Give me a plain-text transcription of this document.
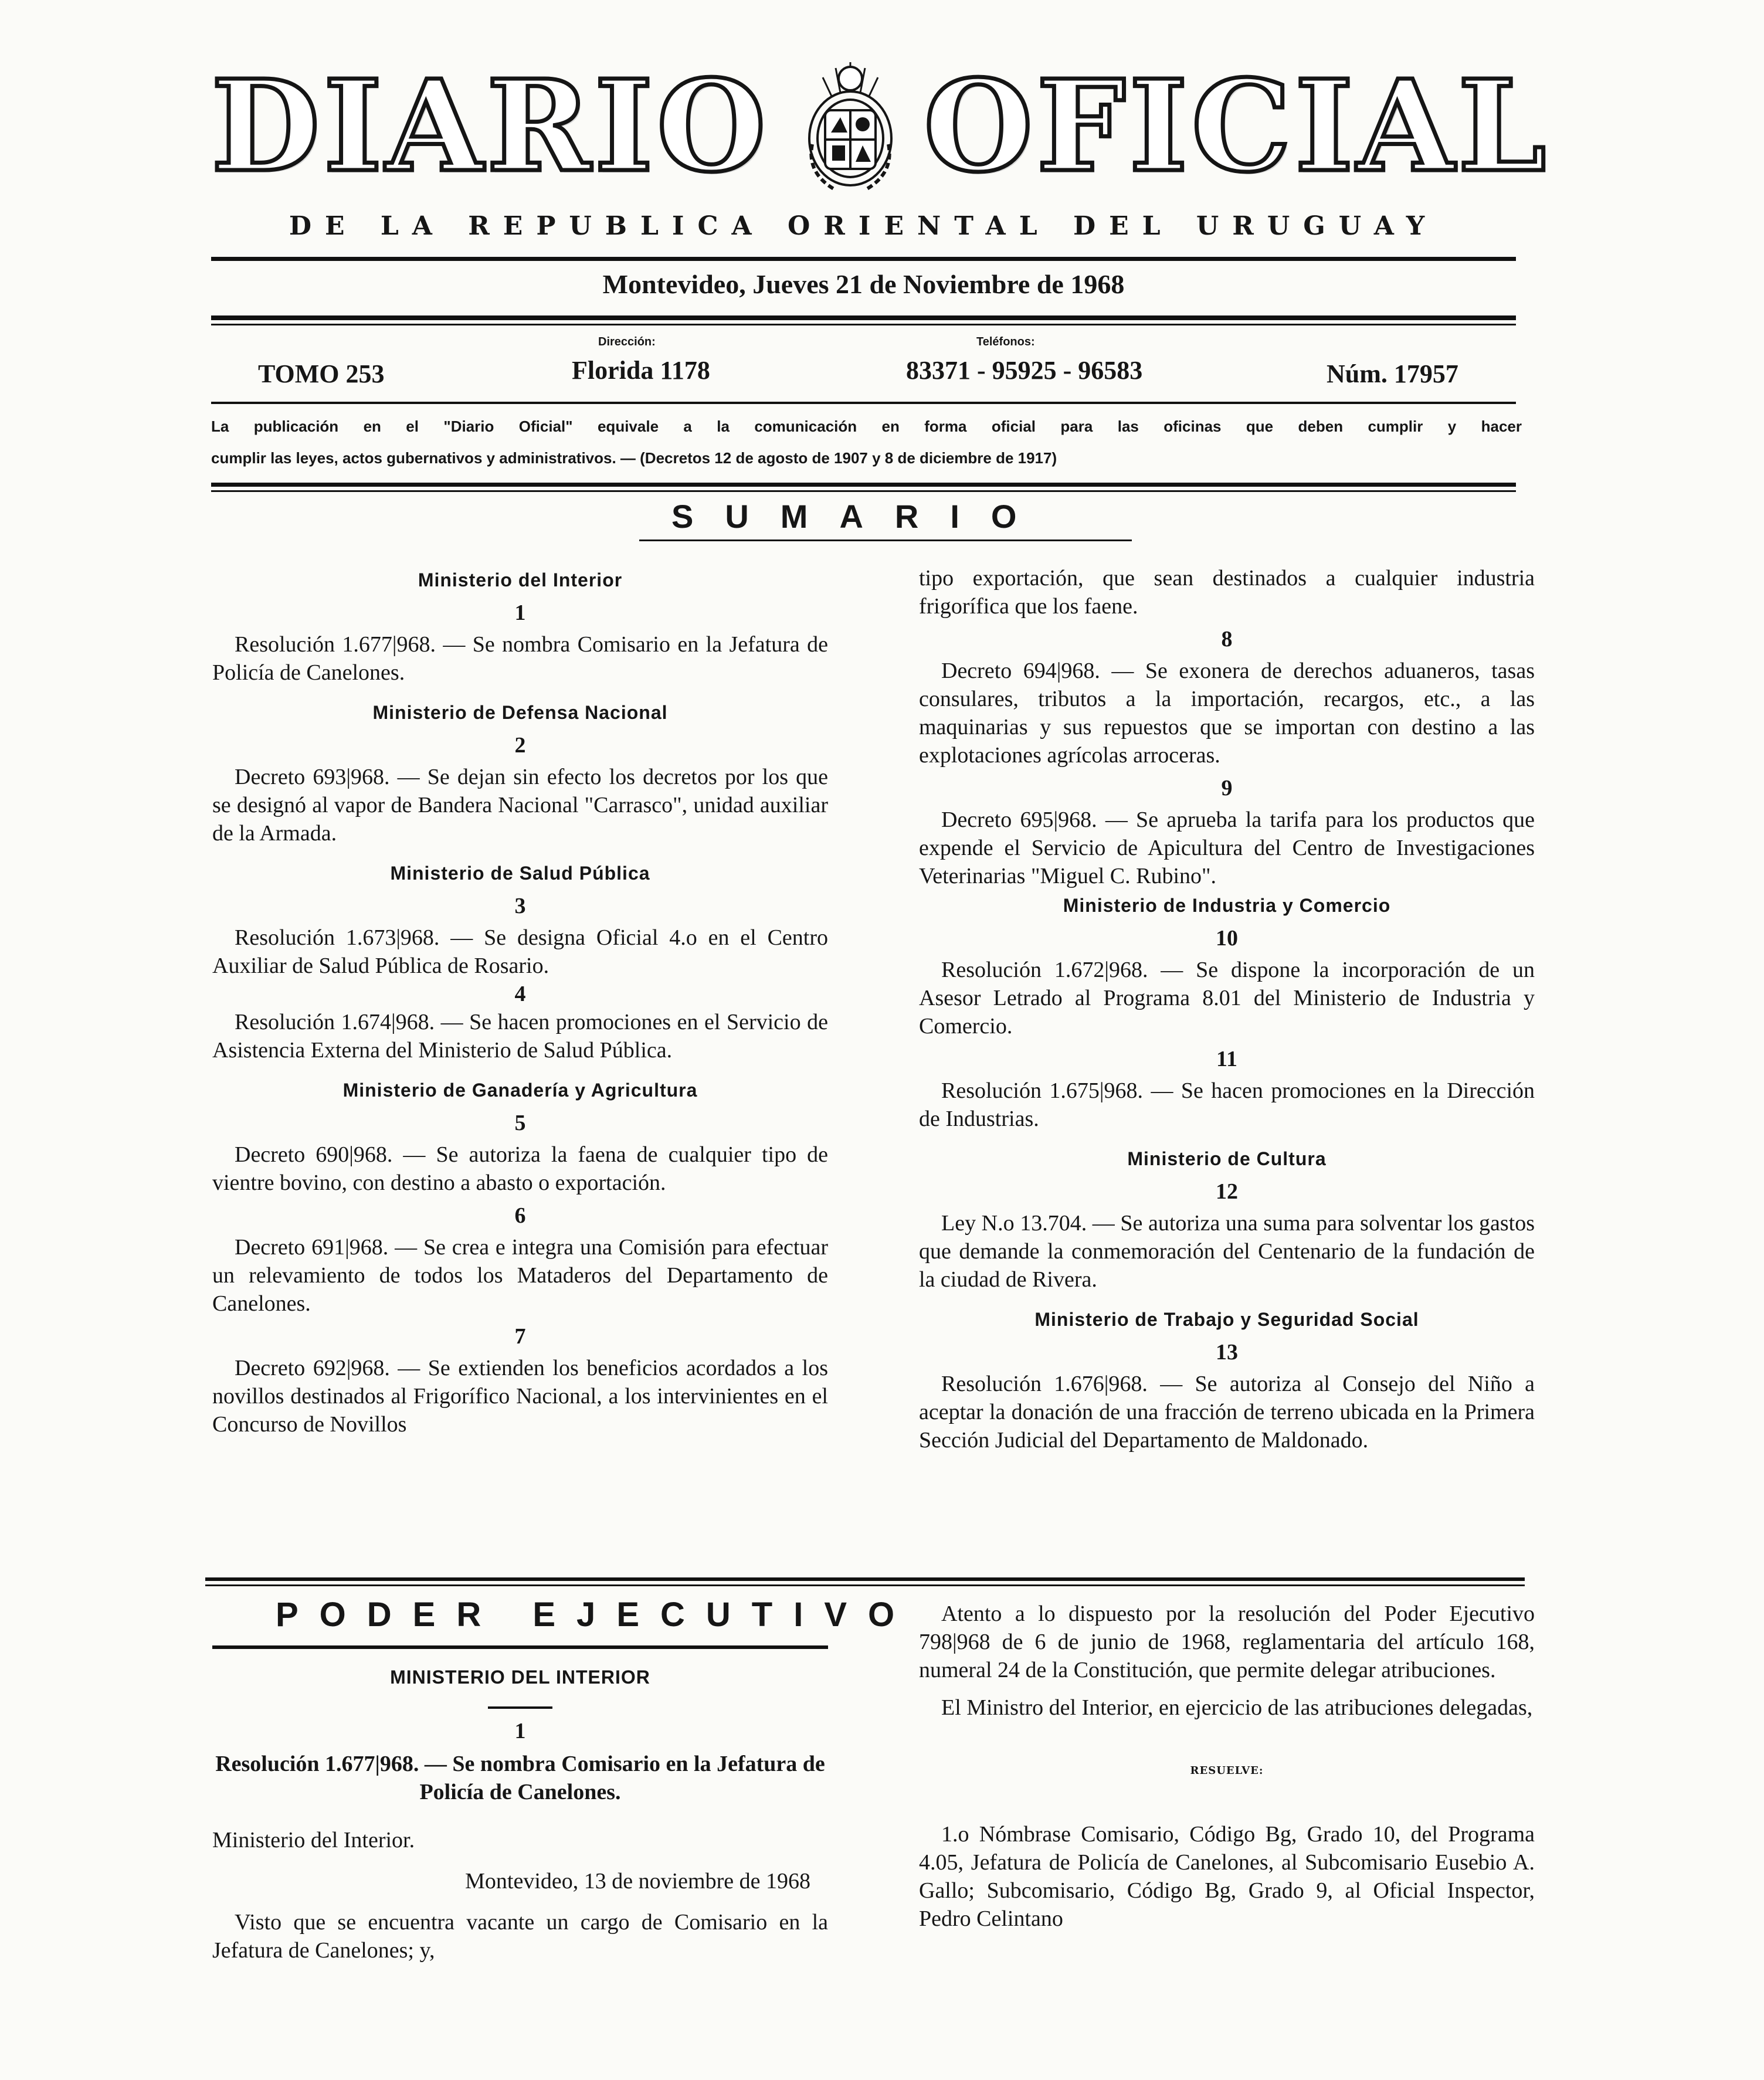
DIARIO OFICIAL
DE LA REPUBLICA ORIENTAL DEL URUGUAY
Montevideo, Jueves 21 de Noviembre de 1968
TOMO 253
Dirección:
Florida 1178
Teléfonos:
83371 - 95925 - 96583	Núm. 17957
La publicación en el "Diario Oficial" equivale a la comunicación en forma oficial para las oficinas que deben cumplir y hacer
cumplir las leyes, actos gubernativos y administrativos. — (Decretos 12 de agosto de 1907 y 8 de diciembre de 1917)
SUMARIO
Ministerio del Interior
1
Resolución 1.677|968. — Se nombra Comisario en la Jefatura de Policía de Canelones.
Ministerio de Defensa Nacional
2
Decreto 693|968. — Se dejan sin efecto los decretos por los que se designó al vapor de Bandera Nacional "Carrasco", unidad auxiliar de la Armada.
Ministerio de Salud Pública
3
Resolución 1.673|968. — Se designa Oficial 4.o en el Centro Auxiliar de Salud Pública de Rosario.
4
Resolución 1.674|968. — Se hacen promociones en el Servicio de Asistencia Externa del Ministerio de Salud Pública.
Ministerio de Ganadería y Agricultura
5
Decreto 690|968. — Se autoriza la faena de cualquier tipo de vientre bovino, con destino a abasto o exportación.
6
Decreto 691|968. — Se crea e integra una Comisión para efectuar un relevamiento de todos los Mataderos del Departamento de Canelones.
7
Decreto 692|968. — Se extienden los beneficios acordados a los novillos destinados al Frigorífico Nacional, a los intervinientes en el Concurso de Novillos
tipo exportación, que sean destinados a cualquier industria frigorífica que los faene.
8
Decreto 694|968. — Se exonera de derechos aduaneros, tasas consulares, tributos a la importación, recargos, etc., a las maquinarias y sus repuestos que se importan con destino a las explotaciones agrícolas arroceras.
9
Decreto 695|968. — Se aprueba la tarifa para los productos que expende el Servicio de Apicultura del Centro de Investigaciones Veterinarias "Miguel C. Rubino".
Ministerio de Industria y Comercio
10
Resolución 1.672|968. — Se dispone la incorporación de un Asesor Letrado al Programa 8.01 del Ministerio de Industria y Comercio.
11
Resolución 1.675|968. — Se hacen promociones en la Dirección de Industrias.
Ministerio de Cultura
12
Ley N.o 13.704. — Se autoriza una suma para solventar los gastos que demande la conmemoración del Centenario de la fundación de la ciudad de Rivera.
Ministerio de Trabajo y Seguridad Social
13
Resolución 1.676|968. — Se autoriza al Consejo del Niño a aceptar la donación de una fracción de terreno ubicada en la Primera Sección Judicial del Departamento de Maldonado.
PODER EJECUTIVO
MINISTERIO DEL INTERIOR
1
Resolución 1.677|968. — Se nombra Comisario en la Jefatura de Policía de Canelones.
Ministerio del Interior.
Montevideo, 13 de noviembre de 1968
Visto que se encuentra vacante un cargo de Comisario en la Jefatura de Canelones; y,
Atento a lo dispuesto por la resolución del Poder Ejecutivo 798|968 de 6 de junio de 1968, reglamentaria del artículo 168, numeral 24 de la Constitución, que permite delegar atribuciones.
El Ministro del Interior, en ejercicio de las atribuciones delegadas,
RESUELVE:
1.o Nómbrase Comisario, Código Bg, Grado 10, del Programa 4.05, Jefatura de Policía de Canelones, al Subcomisario Eusebio A. Gallo; Subcomisario, Código Bg, Grado 9, al Oficial Inspector, Pedro Celintano
